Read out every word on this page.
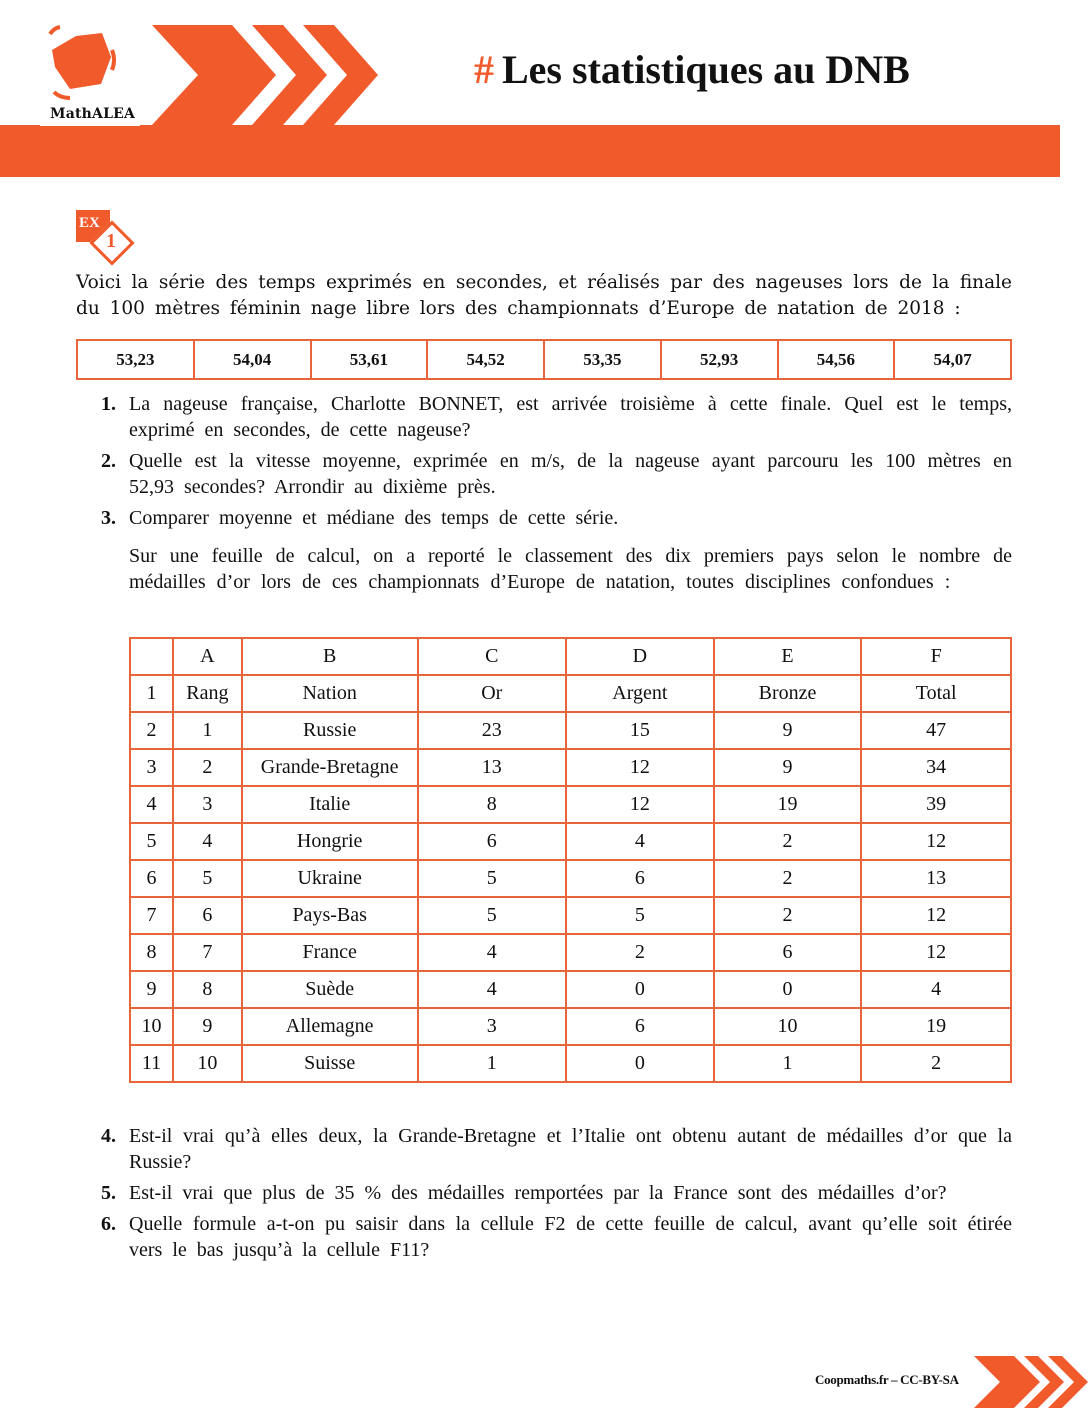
MathALEA
# Les statistiques au DNB
EX
1
Voici la série des temps exprimés en secondes, et réalisés par des nageuses lors de la finale du 100 mètres féminin nage libre lors des championnats d’Europe de natation de 2018 :
53,23	54,04	53,61	54,52	53,35	52,93	54,56	54,07
1. La nageuse française, Charlotte BONNET, est arrivée troisième à cette finale. Quel est le temps, exprimé en secondes, de cette nageuse?
2. Quelle est la vitesse moyenne, exprimée en m/s, de la nageuse ayant parcouru les 100 mètres en 52,93 secondes? Arrondir au dixième près.
3. Comparer moyenne et médiane des temps de cette série.
Sur une feuille de calcul, on a reporté le classement des dix premiers pays selon le nombre de médailles d’or lors de ces championnats d’Europe de natation, toutes disciplines confondues :
	A	B	C	D	E	F
1	Rang	Nation	Or	Argent	Bronze	Total
2	1	Russie	23	15	9	47
3	2	Grande-Bretagne	13	12	9	34
4	3	Italie	8	12	19	39
5	4	Hongrie	6	4	2	12
6	5	Ukraine	5	6	2	13
7	6	Pays-Bas	5	5	2	12
8	7	France	4	2	6	12
9	8	Suède	4	0	0	4
10	9	Allemagne	3	6	10	19
11	10	Suisse	1	0	1	2
4. Est-il vrai qu’à elles deux, la Grande-Bretagne et l’Italie ont obtenu autant de médailles d’or que la Russie?
5. Est-il vrai que plus de 35 % des médailles remportées par la France sont des médailles d’or?
6. Quelle formule a-t-on pu saisir dans la cellule F2 de cette feuille de calcul, avant qu’elle soit étirée vers le bas jusqu’à la cellule F11?
Coopmaths.fr – CC-BY-SA
